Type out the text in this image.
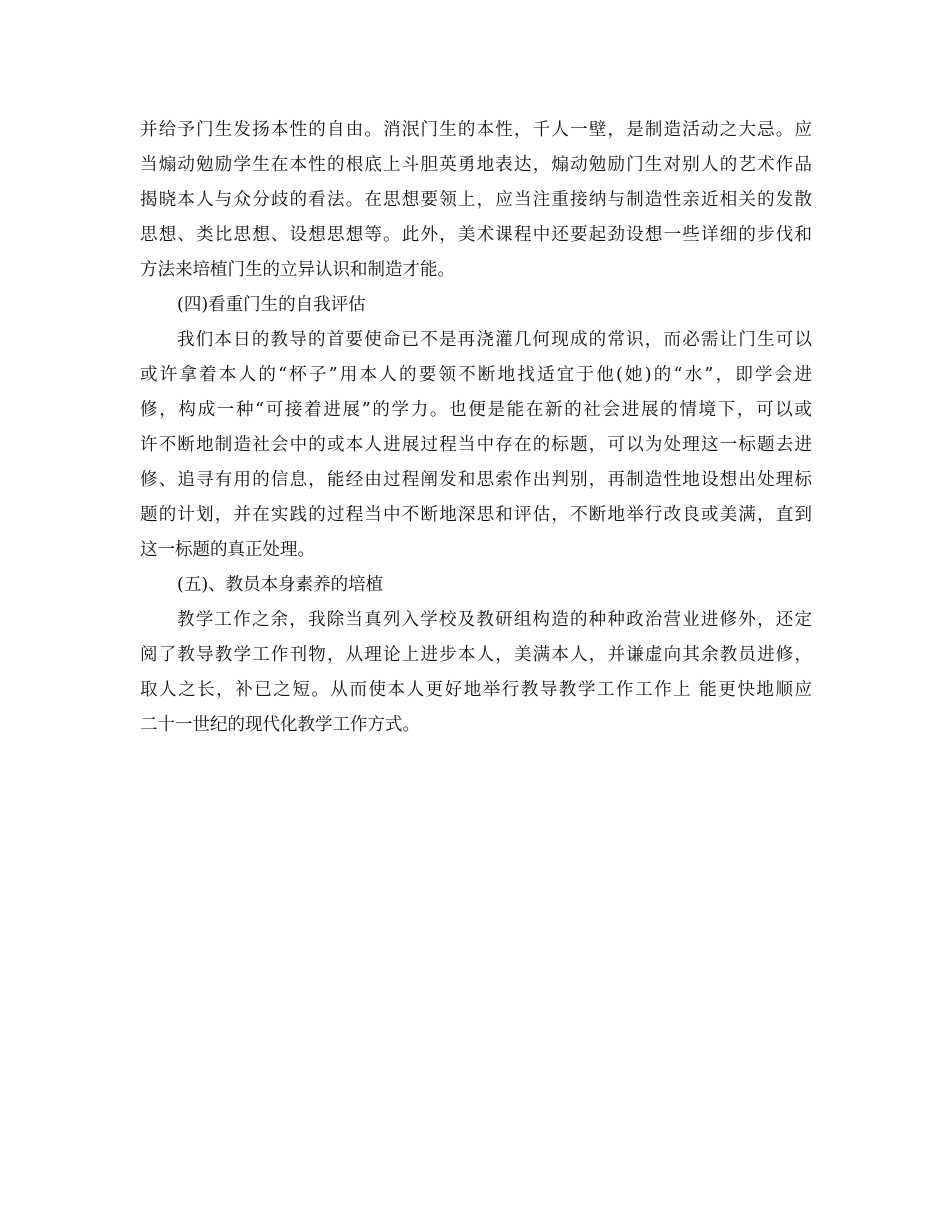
并给予门生发扬本性的自由。消泯门生的本性，千人一壁，是制造活动之大忌。应
当煽动勉励学生在本性的根底上斗胆英勇地表达，煽动勉励门生对别人的艺术作品
揭晓本人与众分歧的看法。在思想要领上，应当注重接纳与制造性亲近相关的发散
思想、类比思想、设想思想等。此外，美术课程中还要起劲设想一些详细的步伐和
方法来培植门生的立异认识和制造才能。
(四)看重门生的自我评估
我们本日的教导的首要使命已不是再浇灌几何现成的常识，而必需让门生可以
或许拿着本人的“杯子”用本人的要领不断地找适宜于他(她)的“水”，即学会进
修，构成一种“可接着进展”的学力。也便是能在新的社会进展的情境下，可以或
许不断地制造社会中的或本人进展过程当中存在的标题，可以为处理这一标题去进
修、追寻有用的信息，能经由过程阐发和思索作出判别，再制造性地设想出处理标
题的计划，并在实践的过程当中不断地深思和评估，不断地举行改良或美满，直到
这一标题的真正处理。
(五)、教员本身素养的培植
教学工作之余，我除当真列入学校及教研组构造的种种政治营业进修外，还定
阅了教导教学工作刊物，从理论上进步本人，美满本人，并谦虚向其余教员进修，
取人之长，补已之短。从而使本人更好地举行教导教学工作工作上 能更快地顺应
二十一世纪的现代化教学工作方式。
